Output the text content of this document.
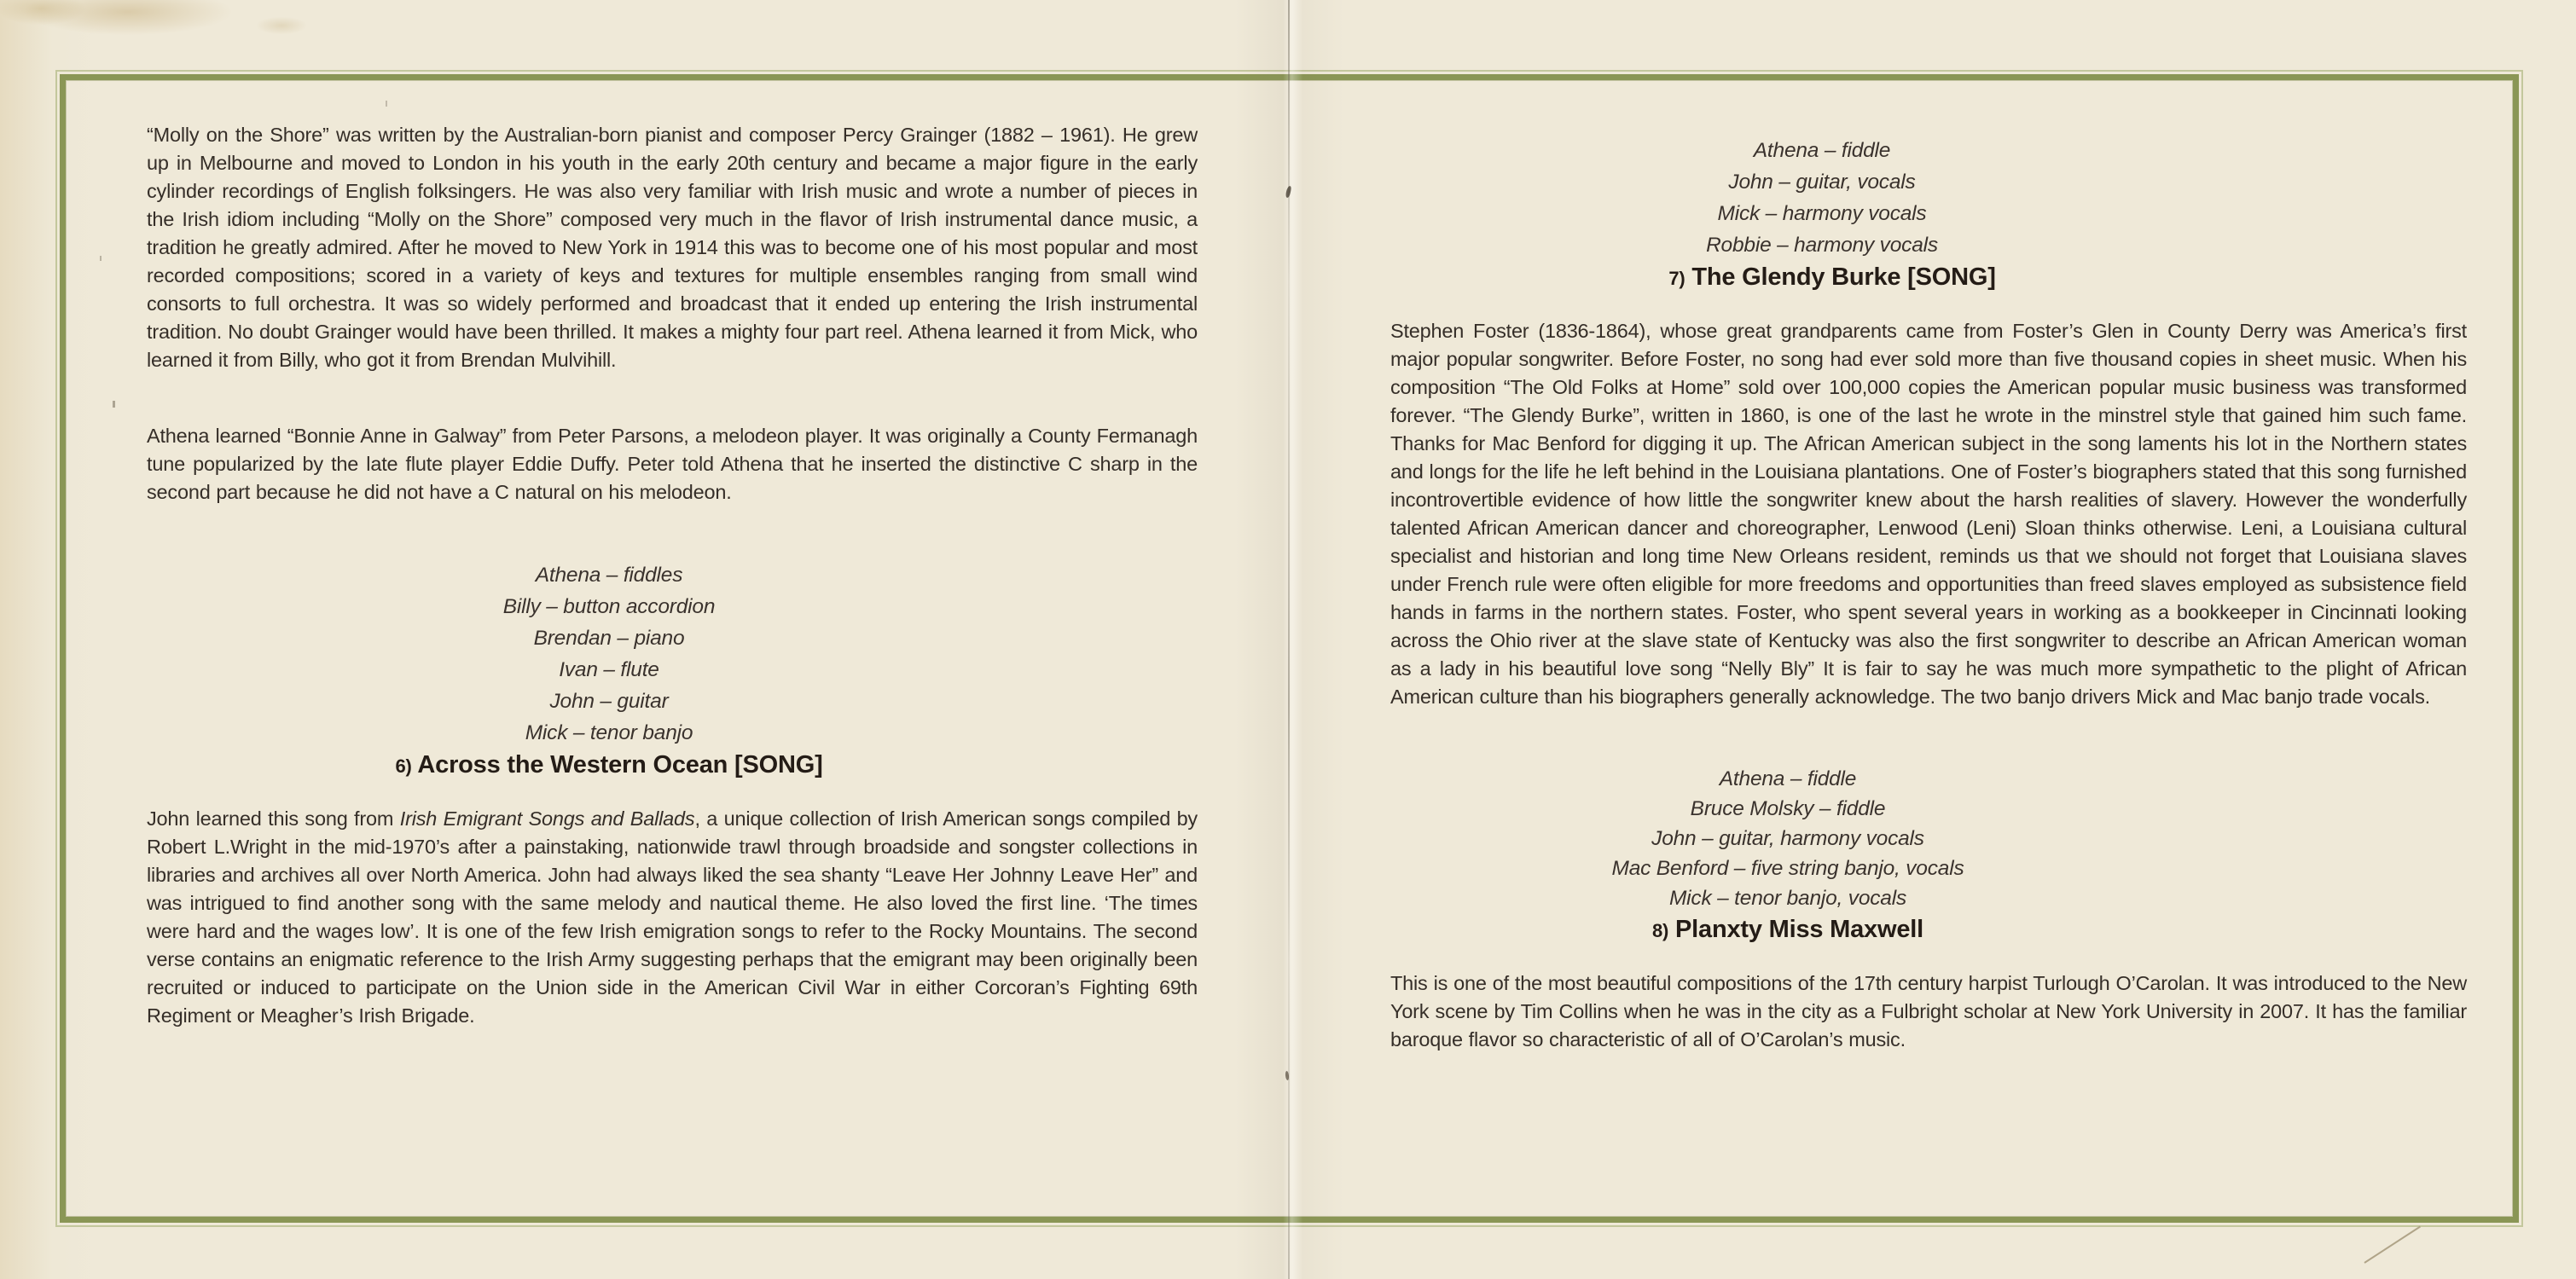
“Molly on the Shore” was written by the Australian-born pianist and composer Percy Grainger (1882 – 1961). He grew up in Melbourne and moved to London in his youth in the early 20th century and became a major figure in the early cylinder recordings of English folksingers. He was also very familiar with Irish music and wrote a number of pieces in the Irish idiom including “Molly on the Shore” composed very much in the flavor of Irish instrumental dance music, a tradition he greatly admired. After he moved to New York in 1914 this was to become one of his most popular and most recorded compositions; scored in a variety of keys and textures for multiple ensembles ranging from small wind consorts to full orchestra. It was so widely performed and broadcast that it ended up entering the Irish instrumental tradition. No doubt Grainger would have been thrilled. It makes a mighty four part reel. Athena learned it from Mick, who learned it from Billy, who got it from Brendan Mulvihill.

Athena learned “Bonnie Anne in Galway” from Peter Parsons, a melodeon player. It was originally a County Fermanagh tune popularized by the late flute player Eddie Duffy. Peter told Athena that he inserted the distinctive C sharp in the second part because he did not have a C natural on his melodeon.

Athena – fiddles
Billy – button accordion
Brendan – piano
Ivan – flute
John – guitar
Mick – tenor banjo
6) Across the Western Ocean [SONG]

John learned this song from Irish Emigrant Songs and Ballads, a unique collection of Irish American songs compiled by Robert L.Wright in the mid-1970’s after a painstaking, nationwide trawl through broadside and songster collections in libraries and archives all over North America. John had always liked the sea shanty “Leave Her Johnny Leave Her” and was intrigued to find another song with the same melody and nautical theme. He also loved the first line. ‘The times were hard and the wages low’. It is one of the few Irish emigration songs to refer to the Rocky Mountains. The second verse contains an enigmatic reference to the Irish Army suggesting perhaps that the emigrant may been originally been recruited or induced to participate on the Union side in the American Civil War in either Corcoran’s Fighting 69th Regiment or Meagher’s Irish Brigade.

Athena – fiddle
John – guitar, vocals
Mick – harmony vocals
Robbie – harmony vocals
7) The Glendy Burke [SONG]

Stephen Foster (1836-1864), whose great grandparents came from Foster’s Glen in County Derry was America’s first major popular songwriter. Before Foster, no song had ever sold more than five thousand copies in sheet music. When his composition “The Old Folks at Home” sold over 100,000 copies the American popular music business was transformed forever. “The Glendy Burke”, written in 1860, is one of the last he wrote in the minstrel style that gained him such fame. Thanks for Mac Benford for digging it up. The African American subject in the song laments his lot in the Northern states and longs for the life he left behind in the Louisiana plantations. One of Foster’s biographers stated that this song furnished incontrovertible evidence of how little the songwriter knew about the harsh realities of slavery. However the wonderfully talented African American dancer and choreographer, Lenwood (Leni) Sloan thinks otherwise. Leni, a Louisiana cultural specialist and historian and long time New Orleans resident, reminds us that we should not forget that Louisiana slaves under French rule were often eligible for more freedoms and opportunities than freed slaves employed as subsistence field hands in farms in the northern states. Foster, who spent several years in working as a bookkeeper in Cincinnati looking across the Ohio river at the slave state of Kentucky was also the first songwriter to describe an African American woman as a lady in his beautiful love song “Nelly Bly” It is fair to say he was much more sympathetic to the plight of African American culture than his biographers generally acknowledge. The two banjo drivers Mick and Mac banjo trade vocals.

Athena – fiddle
Bruce Molsky – fiddle
John – guitar, harmony vocals
Mac Benford – five string banjo, vocals
Mick – tenor banjo, vocals
8) Planxty Miss Maxwell

This is one of the most beautiful compositions of the 17th century harpist Turlough O’Carolan. It was introduced to the New York scene by Tim Collins when he was in the city as a Fulbright scholar at New York University in 2007. It has the familiar baroque flavor so characteristic of all of O’Carolan’s music.
